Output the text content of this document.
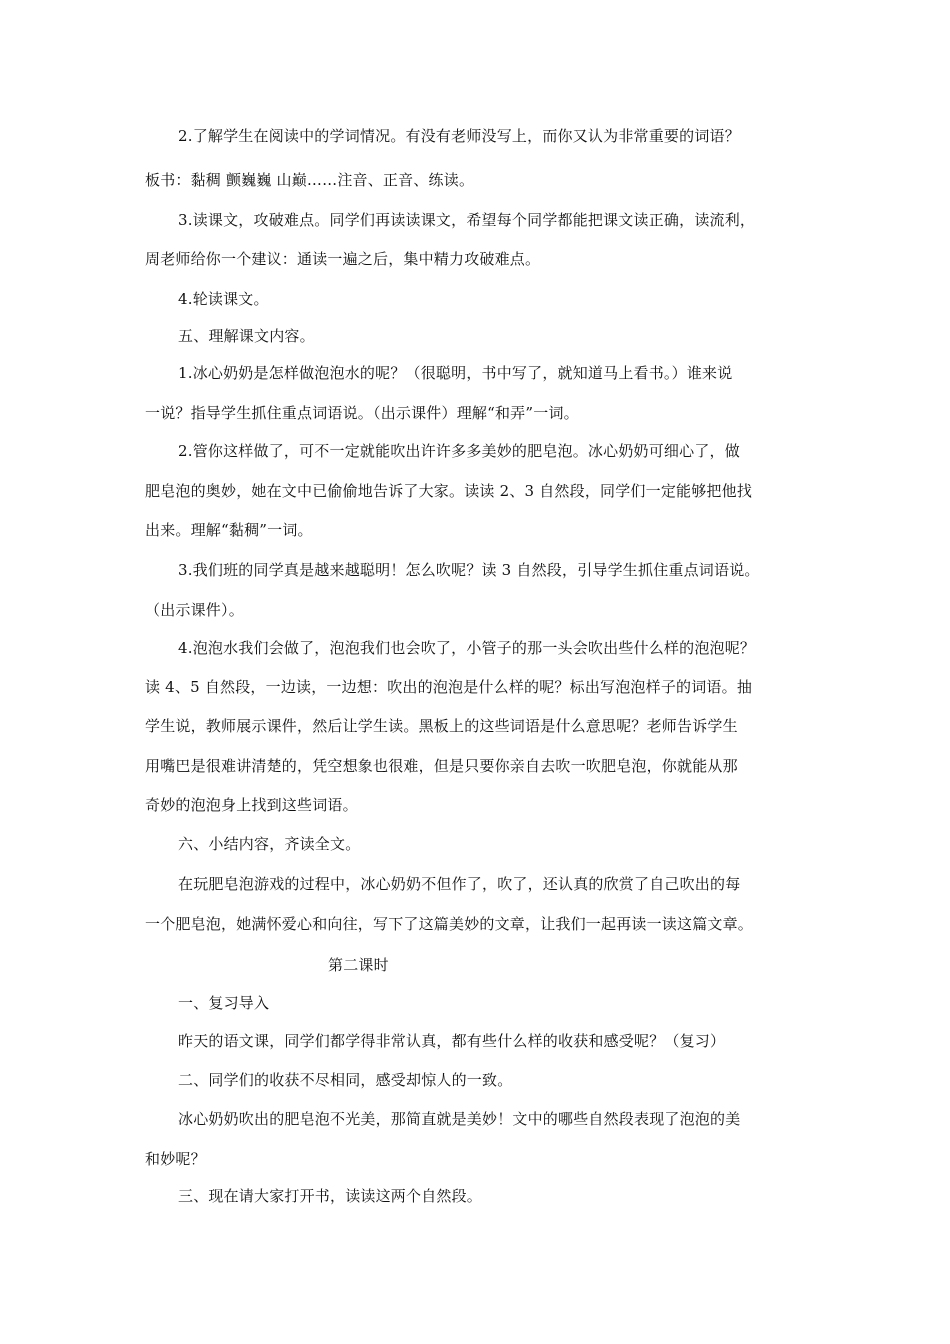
2.了解学生在阅读中的学词情况。有没有老师没写上，而你又认为非常重要的词语？
板书：黏稠 颤巍巍 山巅……注音、正音、练读。
3.读课文，攻破难点。同学们再读读课文，希望每个同学都能把课文读正确，读流利，
周老师给你一个建议：通读一遍之后，集中精力攻破难点。
4.轮读课文。
五、理解课文内容。
1.冰心奶奶是怎样做泡泡水的呢？（很聪明，书中写了，就知道马上看书。）谁来说
一说？指导学生抓住重点词语说。（出示课件）理解“和弄”一词。
2.管你这样做了，可不一定就能吹出许许多多美妙的肥皂泡。冰心奶奶可细心了，做
肥皂泡的奥妙，她在文中已偷偷地告诉了大家。读读 2、3 自然段，同学们一定能够把他找
出来。理解“黏稠”一词。
3.我们班的同学真是越来越聪明！怎么吹呢？读 3 自然段，引导学生抓住重点词语说。
（出示课件）。
4.泡泡水我们会做了，泡泡我们也会吹了，小管子的那一头会吹出些什么样的泡泡呢？
读 4、5 自然段，一边读，一边想：吹出的泡泡是什么样的呢？标出写泡泡样子的词语。抽
学生说，教师展示课件，然后让学生读。黑板上的这些词语是什么意思呢？老师告诉学生
用嘴巴是很难讲清楚的，凭空想象也很难，但是只要你亲自去吹一吹肥皂泡，你就能从那
奇妙的泡泡身上找到这些词语。
六、小结内容，齐读全文。
在玩肥皂泡游戏的过程中，冰心奶奶不但作了，吹了，还认真的欣赏了自己吹出的每
一个肥皂泡，她满怀爱心和向往，写下了这篇美妙的文章，让我们一起再读一读这篇文章。
第二课时
一、复习导入
昨天的语文课，同学们都学得非常认真，都有些什么样的收获和感受呢？（复习）
二、同学们的收获不尽相同，感受却惊人的一致。
冰心奶奶吹出的肥皂泡不光美，那简直就是美妙！文中的哪些自然段表现了泡泡的美
和妙呢？
三、现在请大家打开书，读读这两个自然段。
